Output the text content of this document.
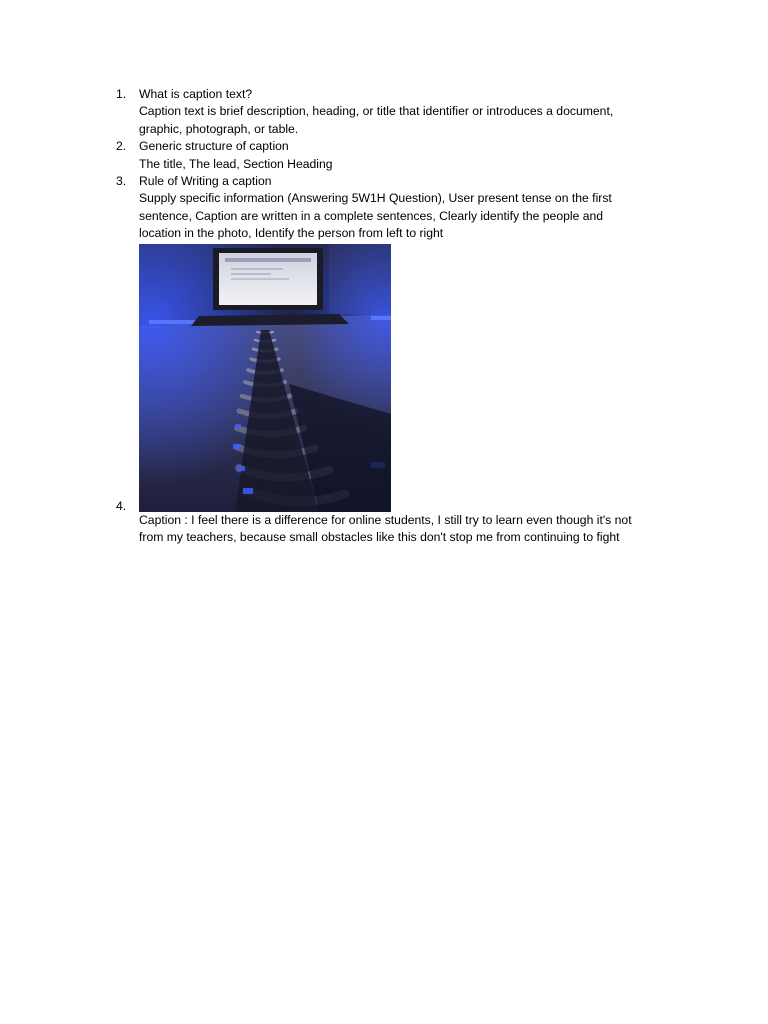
1. What is caption text?
Caption text is brief description, heading, or title that identifier or introduces a document,
graphic, photograph, or table.
2. Generic structure of caption
The title, The lead, Section Heading
3. Rule of Writing a caption
Supply specific information (Answering 5W1H Question), User present tense on the first
sentence, Caption are written in a complete sentences, Clearly identify the people and
location in the photo, Identify the person from left to right
4.
Caption : I feel there is a difference for online students, I still try to learn even though it's not
from my teachers, because small obstacles like this don't stop me from continuing to fight
